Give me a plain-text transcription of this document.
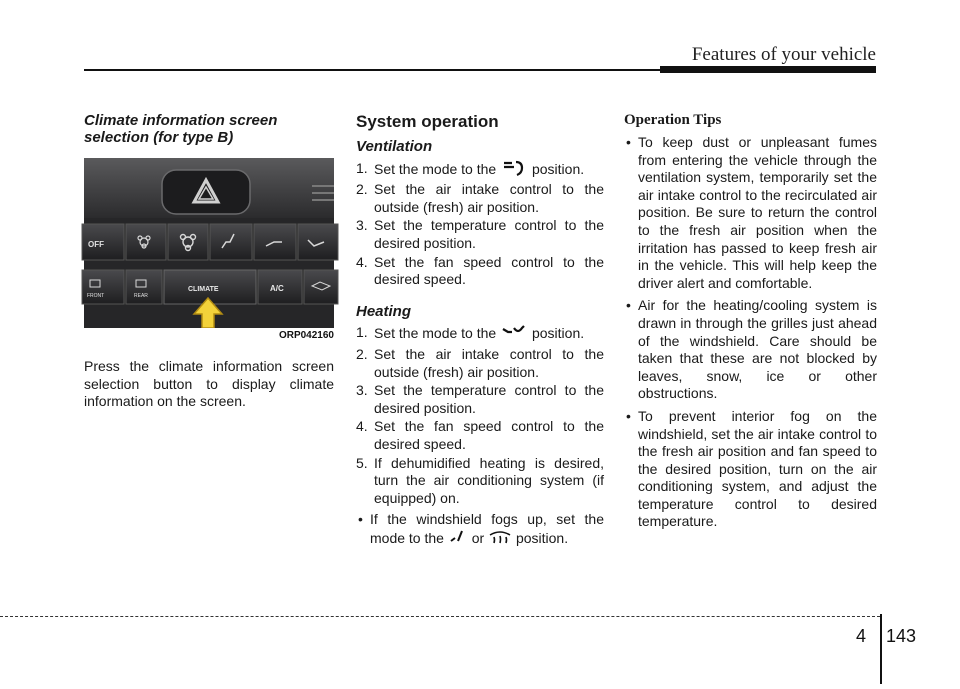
Features of your vehicle
Climate information screen selection (for type B)
OFF
FRONT	REAR
CLIMATE	A/C
ORP042160

Press the climate information screen selection button to display climate information on the screen.

System operation
Ventilation
1. Set the mode to the	position.
2. Set the air intake control to the outside (fresh) air position.
3. Set the temperature control to the desired position.
4. Set the fan speed control to the desired speed.
Heating
1. Set the mode to the	position.
2. Set the air intake control to the outside (fresh) air position.
3. Set the temperature control to the desired position.
4. Set the fan speed control to the desired speed.
5. If dehumidified heating is desired, turn the air conditioning system (if equipped) on.
• If the windshield fogs up, set the mode to the or position.
Operation Tips
• To keep dust or unpleasant fumes from entering the vehicle through the ventilation system, temporarily set the air intake control to the recirculated air position. Be sure to return the control to the fresh air position when the irritation has passed to keep fresh air in the vehicle. This will help keep the driver alert and comfortable.
• Air for the heating/cooling system is drawn in through the grilles just ahead of the windshield. Care should be taken that these are not blocked by leaves, snow, ice or other obstructions.
• To prevent interior fog on the windshield, set the air intake control to the fresh air position and fan speed to the desired position, turn on the air conditioning system, and adjust the temperature control to desired temperature.
4 143
